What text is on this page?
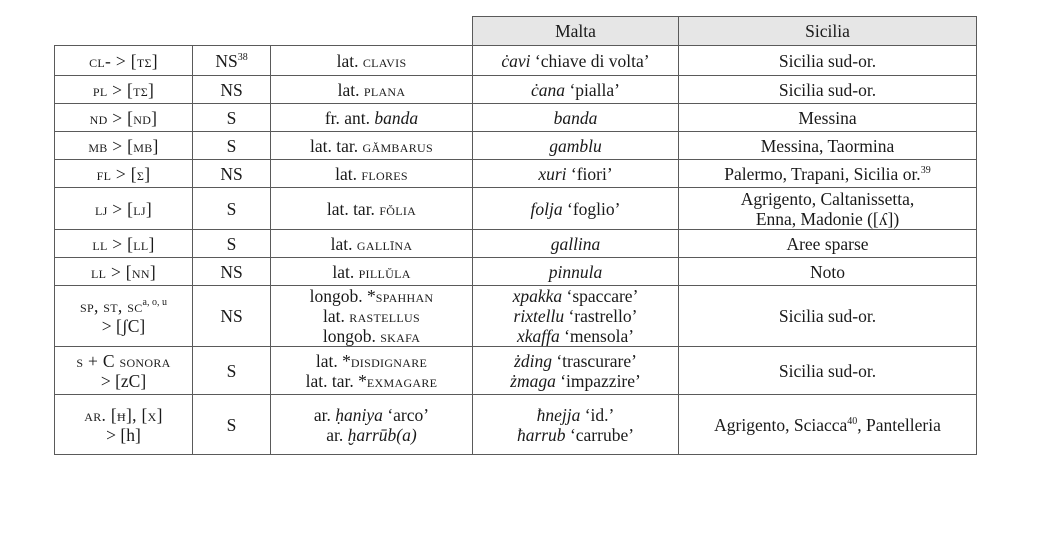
			Malta	Sicilia

cl- > [tʃ]	NS$^{38}$	lat. clavis	ċavi ‘chiave di volta’	Sicilia sud-or.

pl > [tʃ]	NS	lat. plana	ċana ‘pialla’	Sicilia sud-or.

nd > [nd]	S	fr. ant. banda	banda	Messina

mb > [mb]	S	lat. tar. gămbarus	gamblu	Messina, Taormina

fl > [ʃ]	NS	lat. flores	xuri ‘fiori’	Palermo, Trapani, Sicilia or.$^{39}$

lj > [lj]	S	lat. tar. fŏlia	folja ‘foglio’	Agrigento, Caltanissetta,
Enna, Madonie ([ʎ])

ll > [ll]	S	lat. gallīna	gallina	Aree sparse

ll > [nn]	NS	lat. pillŭla	pinnula	Noto

sp, st, sc$^{a, o, u}$
> [ʃC]	NS	longob. *spahhan
lat. rastellus
longob. skafa	xpakka ‘spaccare’
rixtellu ‘rastrello’
xkaffa ‘mensola’	Sicilia sud-or.

s + C sonora
> [zC]	S	lat. *disdignare
lat. tar. *exmagare	żding ‘trascurare’
żmaga ‘impazzire’	Sicilia sud-or.

ar. [ħ], [x]
> [h]	S	ar. ḥaniya ‘arco’
ar. ḫarrūb(a)	ħnejja ‘id.’
ħarrub ‘carrube’	Agrigento, Sciacca$^{40}$, Pantelleria
